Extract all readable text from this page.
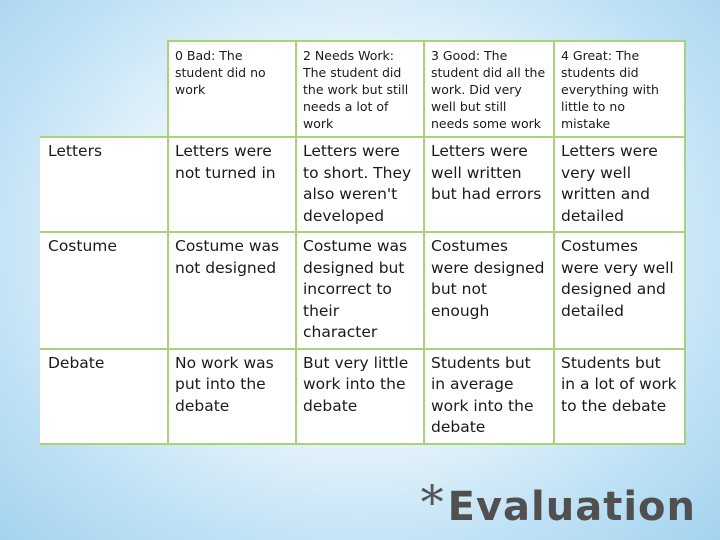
	0 Bad: The student did no work	2 Needs Work: The student did the work but still needs a lot of work	3 Good: The student did all the work. Did very well but still needs some work	4 Great: The students did everything with little to no mistake
Letters	Letters were not turned in	Letters were to short. They also weren't developed	Letters were well written but had errors	Letters were very well written and detailed
Costume	Costume was not designed	Costume was designed but incorrect to their character	Costumes were designed but not enough	Costumes were very well designed and detailed
Debate	No work was put into the debate	But very little work into the debate	Students but in average work into the debate	Students but in a lot of work to the debate
* Evaluation
